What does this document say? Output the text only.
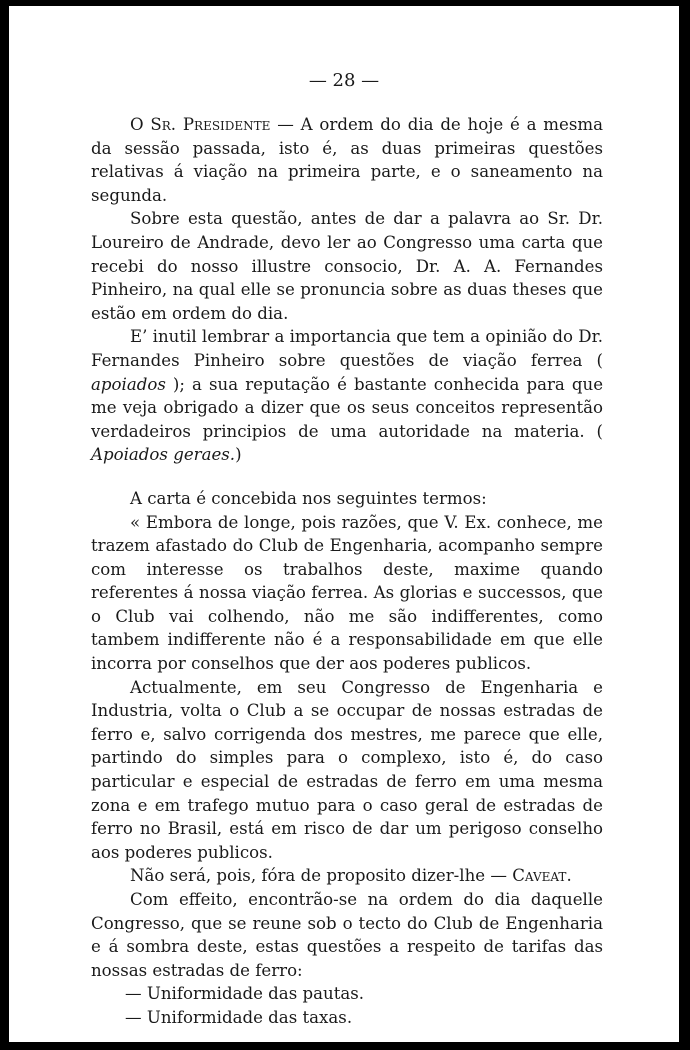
— 28 —

O Sr. Presidente — A ordem do dia de hoje é a mesma da sessão passada, isto é, as duas primeiras questões relativas á viação na primeira parte, e o saneamento na segunda.

Sobre esta questão, antes de dar a palavra ao Sr. Dr. Loureiro de Andrade, devo ler ao Congresso uma carta que recebi do nosso illustre consocio, Dr. A. A. Fernandes Pinheiro, na qual elle se pronuncia sobre as duas theses que estão em ordem do dia.

E’ inutil lembrar a importancia que tem a opinião do Dr. Fernandes Pinheiro sobre questões de viação ferrea ( apoiados ); a sua reputação é bastante conhecida para que me veja obrigado a dizer que os seus conceitos representão verdadeiros principios de uma autoridade na materia. ( Apoiados geraes.)

A carta é concebida nos seguintes termos:

« Embora de longe, pois razões, que V. Ex. conhece, me trazem afastado do Club de Engenharia, acompanho sempre com interesse os trabalhos deste, maxime quando referentes á nossa viação ferrea. As glorias e successos, que o Club vai colhendo, não me são indifferentes, como tambem indifferente não é a responsabilidade em que elle incorra por conselhos que der aos poderes publicos.

Actualmente, em seu Congresso de Engenharia e Industria, volta o Club a se occupar de nossas estradas de ferro e, salvo corrigenda dos mestres, me parece que elle, partindo do simples para o complexo, isto é, do caso particular e especial de estradas de ferro em uma mesma zona e em trafego mutuo para o caso geral de estradas de ferro no Brasil, está em risco de dar um perigoso conselho aos poderes publicos.

Não será, pois, fóra de proposito dizer-lhe — Caveat.

Com effeito, encontrão-se na ordem do dia daquelle Congresso, que se reune sob o tecto do Club de Engenharia e á sombra deste, estas questões a respeito de tarifas das nossas estradas de ferro:

— Uniformidade das pautas.

— Uniformidade das taxas.
